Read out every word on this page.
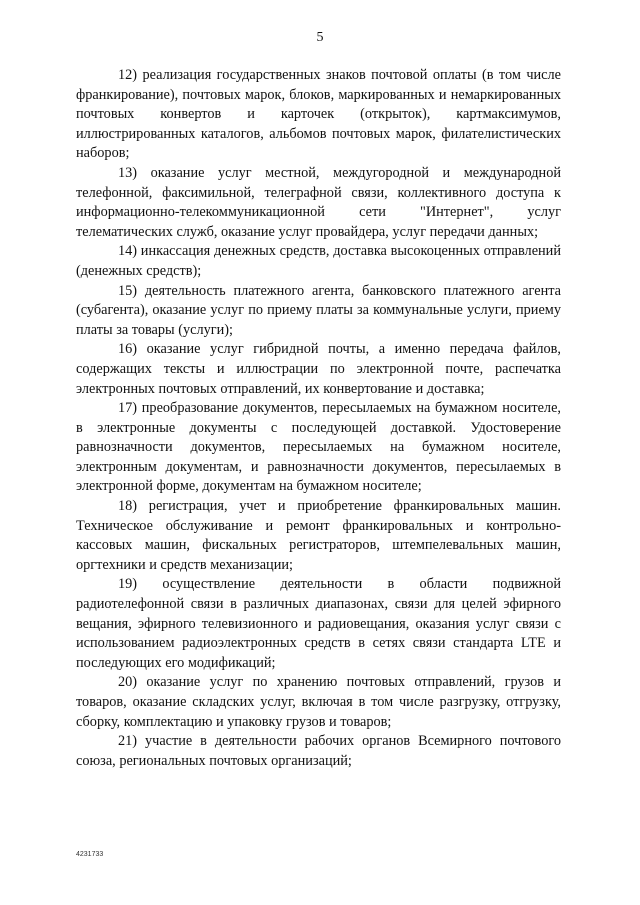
5

12) реализация государственных знаков почтовой оплаты (в том числе франкирование), почтовых марок, блоков, маркированных и немаркированных почтовых конвертов и карточек (открыток), картмаксимумов, иллюстрированных каталогов, альбомов почтовых марок, филателистических наборов;

13) оказание услуг местной, междугородной и международной телефонной, факсимильной, телеграфной связи, коллективного доступа к информационно-телекоммуникационной сети "Интернет", услуг телематических служб, оказание услуг провайдера, услуг передачи данных;

14) инкассация денежных средств, доставка высокоценных отправлений (денежных средств);

15) деятельность платежного агента, банковского платежного агента (субагента), оказание услуг по приему платы за коммунальные услуги, приему платы за товары (услуги);

16) оказание услуг гибридной почты, а именно передача файлов, содержащих тексты и иллюстрации по электронной почте, распечатка электронных почтовых отправлений, их конвертование и доставка;

17) преобразование документов, пересылаемых на бумажном носителе, в электронные документы с последующей доставкой. Удостоверение равнозначности документов, пересылаемых на бумажном носителе, электронным документам, и равнозначности документов, пересылаемых в электронной форме, документам на бумажном носителе;

18) регистрация, учет и приобретение франкировальных машин. Техническое обслуживание и ремонт франкировальных и контрольно-кассовых машин, фискальных регистраторов, штемпелевальных машин, оргтехники и средств механизации;

19) осуществление деятельности в области подвижной радиотелефонной связи в различных диапазонах, связи для целей эфирного вещания, эфирного телевизионного и радиовещания, оказания услуг связи с использованием радиоэлектронных средств в сетях связи стандарта LTE и последующих его модификаций;

20) оказание услуг по хранению почтовых отправлений, грузов и товаров, оказание складских услуг, включая в том числе разгрузку, отгрузку, сборку, комплектацию и упаковку грузов и товаров;

21) участие в деятельности рабочих органов Всемирного почтового союза, региональных почтовых организаций;

4231733
